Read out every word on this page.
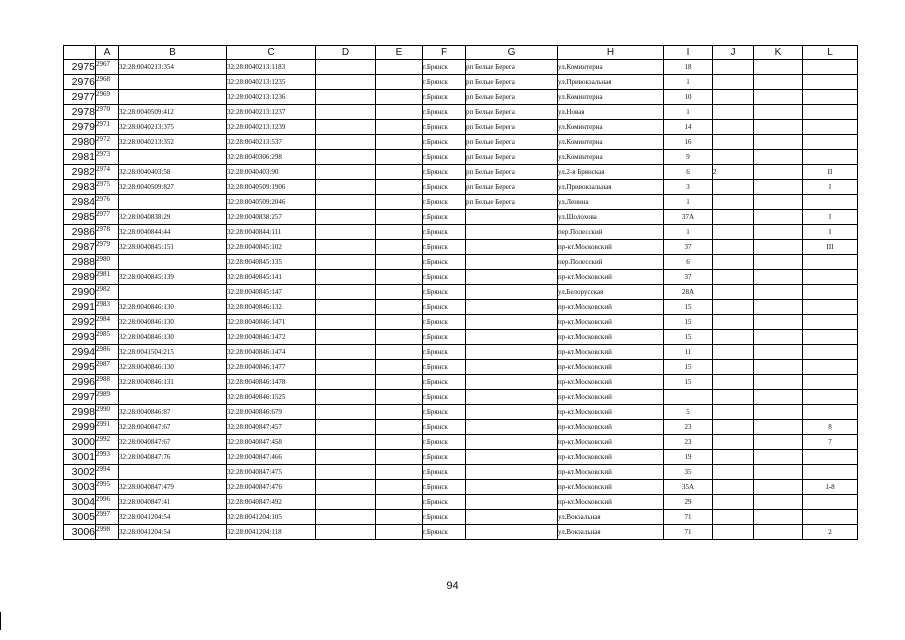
	A	B	C	D	E	F	G	H	I	J	K	L
2975	2967	32:28:0040213:354	32:28:0040213:1183			г.Брянск	рп Белые Берега	ул.Коминтерна	18			
2976	2968		32:28:0040213:1235			г.Брянск	рп Белые Берега	ул.Привокзальная	1			
2977	2969		32:28:0040213:1236			г.Брянск	рп Белые Берега	ул.Коминтерна	10			
2978	2970	32:28:0040509:412	32:28:0040213:1237			г.Брянск	рп Белые Берега	ул.Новая	1			
2979	2971	32:28:0040213:375	32:28:0040213:1239			г.Брянск	рп Белые Берега	ул.Коминтерна	14			
2980	2972	32:28:0040213:352	32:28:0040213:537			г.Брянск	рп Белые Берега	ул.Коминтерна	16			
2981	2973		32:28:0040306:298			г.Брянск	рп Белые Берега	ул.Коминтерна	9			
2982	2974	32:28:0040403:58	32:28:0040403:90			г.Брянск	рп Белые Берега	ул.2-я Брянская	6	2		II
2983	2975	32:28:0040509:827	32:28:0040509:1906			г.Брянск	рп Белые Берега	ул.Привокзальная	3			I
2984	2976		32:28:0040509:2046			г.Брянск	рп Белые Берега	ул.Ленина	1			
2985	2977	32:28:0040838:29	32:28:0040838:257			г.Брянск		ул.Шолохова	37А			I
2986	2978	32:28:0040844:44	32:28:0040844:111			г.Брянск		пер.Полесский	1			I
2987	2979	32:28:0040845:151	32:28:0040845:102			г.Брянск		пр-кт.Московский	37			III
2988	2980		32:28:0040845:135			г.Брянск		пер.Полесский	6			
2989	2981	32:28:0040845:139	32:28:0040845:141			г.Брянск		пр-кт.Московский	37			
2990	2982		32:28:0040845:147			г.Брянск		ул.Белорусская	28А			
2991	2983	32:28:0040846:130	32:28:0040846:132			г.Брянск		пр-кт.Московский	15			
2992	2984	32:28:0040846:130	32:28:0040846:1471			г.Брянск		пр-кт.Московский	15			
2993	2985	32:28:0040846:130	32:28:0040846:1472			г.Брянск		пр-кт.Московский	15			
2994	2986	32:28:0041504:215	32:28:0040846:1474			г.Брянск		пр-кт.Московский	11			
2995	2987	32:28:0040846:130	32:28:0040846:1477			г.Брянск		пр-кт.Московский	15			
2996	2988	32:28:0040846:131	32:28:0040846:1478			г.Брянск		пр-кт.Московский	15			
2997	2989		32:28:0040846:1525			г.Брянск		пр-кт.Московский				
2998	2990	32:28:0040846:87	32:28:0040846:679			г.Брянск		пр-кт.Московский	5			
2999	2991	32:28:0040847:67	32:28:0040847:457			г.Брянск		пр-кт.Московский	23			8
3000	2992	32:28:0040847:67	32:28:0040847:458			г.Брянск		пр-кт.Московский	23			7
3001	2993	32:28:0040847:76	32:28:0040847:466			г.Брянск		пр-кт.Московский	19			
3002	2994		32:28:0040847:475			г.Брянск		пр-кт.Московский	35			
3003	2995	32:28:0040847:479	32:28:0040847:476			г.Брянск		пр-кт.Московский	35А			1-8
3004	2996	32:28:0040847:41	32:28:0040847:492			г.Брянск		пр-кт.Московский	29			
3005	2997	32:28:0041204:54	32:28:0041204:105			г.Брянск		ул.Вокзальная	71			
3006	2998	32:28:0041204:54	32:28:0041204:118			г.Брянск		ул.Вокзальная	71			2
94
